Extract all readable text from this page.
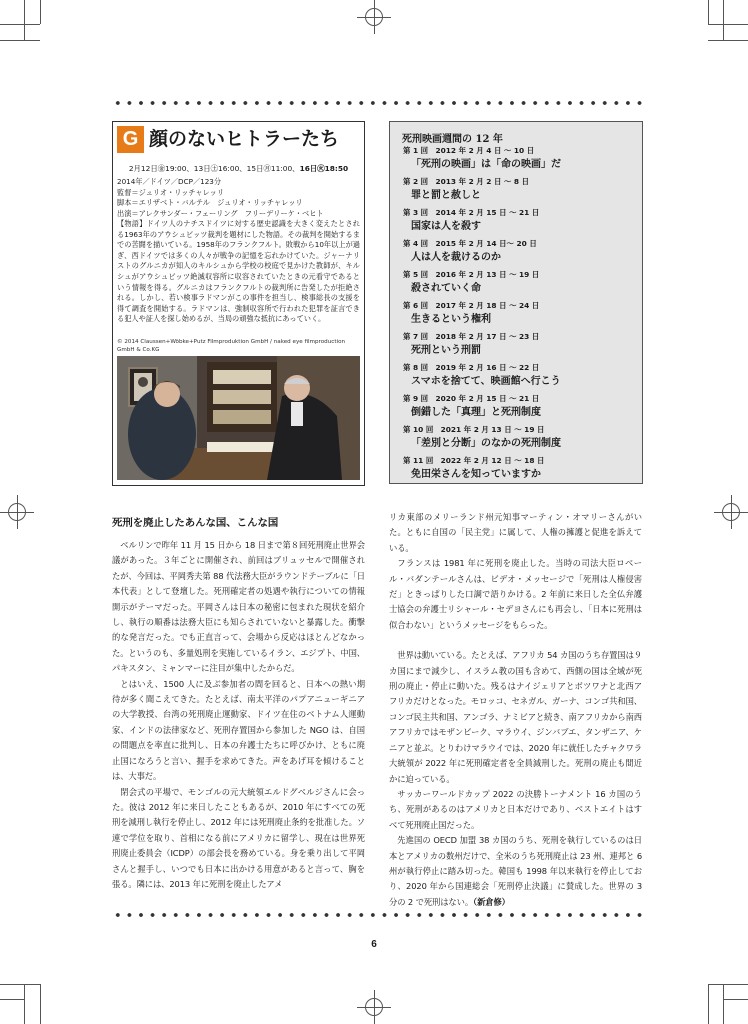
G 顔のないヒトラーたち
2月12日㊎19:00、13日㊏16:00、15日㊊11:00、16日㊋18:50
2014年／ドイツ／DCP／123分
監督＝ジュリオ・リッチャレッリ
脚本＝エリザベト・バルテル　ジュリオ・リッチャレッリ
出演＝アレクサンダー・フェーリング　フリーデリーケ・ベヒト
【物語】ドイツ人のナチスドイツに対する歴史認識を大きく変えたとされる1963年のアウシュビッツ裁判を題材にした物語。その裁判を開始するまでの苦闘を描いている。1958年のフランクフルト。敗戦から10年以上が過ぎ、西ドイツでは多くの人々が戦争の記憶を忘れかけていた。ジャーナリストのグルニカが知人のキルシュから学校の校庭で見かけた教師が、キルシュがアウシュビッツ絶滅収容所に収容されていたときの元看守であるという情報を得る。グルニカはフランクフルトの裁判所に告発したが拒絶される。しかし、若い検事ラドマンがこの事件を担当し、検事総長の支援を得て調査を開始する。ラドマンは、強制収容所で行われた犯罪を証言できる犯人や証人を探し始めるが、当局の頑強な抵抗にあっていく。
© 2014 Claussen+Wöbke+Putz Filmproduktion GmbH / naked eye filmproduction GmbH & Co.KG
死刑映画週間の 12 年
第 1 回　2012 年 2 月 4 日 ～ 10 日
「死刑の映画」は「命の映画」だ
第 2 回　2013 年 2 月 2 日 ～ 8 日
罪と罰と赦しと
第 3 回　2014 年 2 月 15 日 ～ 21 日
国家は人を殺す
第 4 回　2015 年 2 月 14 日～ 20 日
人は人を裁けるのか
第 5 回　2016 年 2 月 13 日 ～ 19 日
殺されていく命
第 6 回　2017 年 2 月 18 日 ～ 24 日
生きるという権利
第 7 回　2018 年 2 月 17 日 ～ 23 日
死刑という刑罰
第 8 回　2019 年 2 月 16 日 ～ 22 日
スマホを捨てて、映画館へ行こう
第 9 回　2020 年 2 月 15 日 ～ 21 日
倒錯した「真理」と死刑制度
第 10 回　2021 年 2 月 13 日 ～ 19 日
「差別と分断」のなかの死刑制度
第 11 回　2022 年 2 月 12 日 ～ 18 日
免田栄さんを知っていますか
死刑を廃止したあんな国、こんな国

ベルリンで昨年 11 月 15 日から 18 日まで第８回死刑廃止世界会議があった。３年ごとに開催され、前回はブリュッセルで開催されたが、今回は、平岡秀夫第 88 代法務大臣がラウンドテーブルに「日本代表」として登壇した。死刑確定者の処遇や執行についての情報開示がテーマだった。平岡さんは日本の秘密に包まれた現状を紹介し、執行の順番は法務大臣にも知らされていないと暴露した。衝撃的な発言だった。でも正直言って、会場から反応はほとんどなかった。というのも、多量処刑を実施しているイラン、エジプト、中国、パキスタン、ミャンマーに注目が集中したからだ。

とはいえ、1500 人に及ぶ参加者の間を回ると、日本への熱い期待が多く聞こえてきた。たとえば、南太平洋のパプアニューギニアの大学教授、台湾の死刑廃止運動家、ドイツ在住のベトナム人運動家、インドの法律家など、死刑存置国から参加した NGO は、自国の問題点を率直に批判し、日本の弁護士たちに呼びかけ、ともに廃止国になろうと言い、握手を求めてきた。声をあげ耳を傾けることは、大事だ。

閉会式の平場で、モンゴルの元大統領エルドグベルジさんに会った。彼は 2012 年に来日したこともあるが、2010 年にすべての死刑を減刑し執行を停止し、2012 年には死刑廃止条約を批准した。ソ連で学位を取り、首相になる前にアメリカに留学し、現在は世界死刑廃止委員会（ICDP）の部会長を務めている。身を乗り出して平岡さんと握手し、いつでも日本に出かける用意があると言って、胸を張る。隣には、2013 年に死刑を廃止したアメ

リカ東部のメリーランド州元知事マーティン・オマリーさんがいた。ともに自国の「民主党」に属して、人権の擁護と促進を訴えている。

フランスは 1981 年に死刑を廃止した。当時の司法大臣ロベール・バダンテールさんは、ビデオ・メッセージで「死刑は人権侵害だ」ときっぱりした口調で語りかける。2 年前に来日した全仏弁護士協会の弁護士リシャール・セデヨさんにも再会し、「日本に死刑は似合わない」というメッセージをもらった。

世界は動いている。たとえば、アフリカ 54 カ国のうち存置国は９カ国にまで減少し、イスラム教の国も含めて、西側の国は全域が死刑の廃止・停止に動いた。残るはナイジェリアとボツワナと北西アフリカだけとなった。モロッコ、セネガル、ガーナ、コンゴ共和国、コンゴ民主共和国、アンゴラ、ナミビアと続き、南アフリカから南西アフリカではモザンビーク、マラウイ、ジンバブエ、タンザニア、ケニアと並ぶ。とりわけマラウイでは、2020 年に就任したチャクワラ大統領が 2022 年に死刑確定者を全員減刑した。死刑の廃止も間近かに迫っている。

サッカーワールドカップ 2022 の決勝トーナメント 16 カ国のうち、死刑があるのはアメリカと日本だけであり、ベストエイトはすべて死刑廃止国だった。

先進国の OECD 加盟 38 カ国のうち、死刑を執行しているのは日本とアメリカの数州だけで、全米のうち死刑廃止は 23 州、連邦と 6 州が執行停止に踏み切った。韓国も 1998 年以来執行を停止しており、2020 年から国連総会「死刑停止決議」に賛成した。世界の 3 分の 2 で死刑はない。（新倉修）

6
